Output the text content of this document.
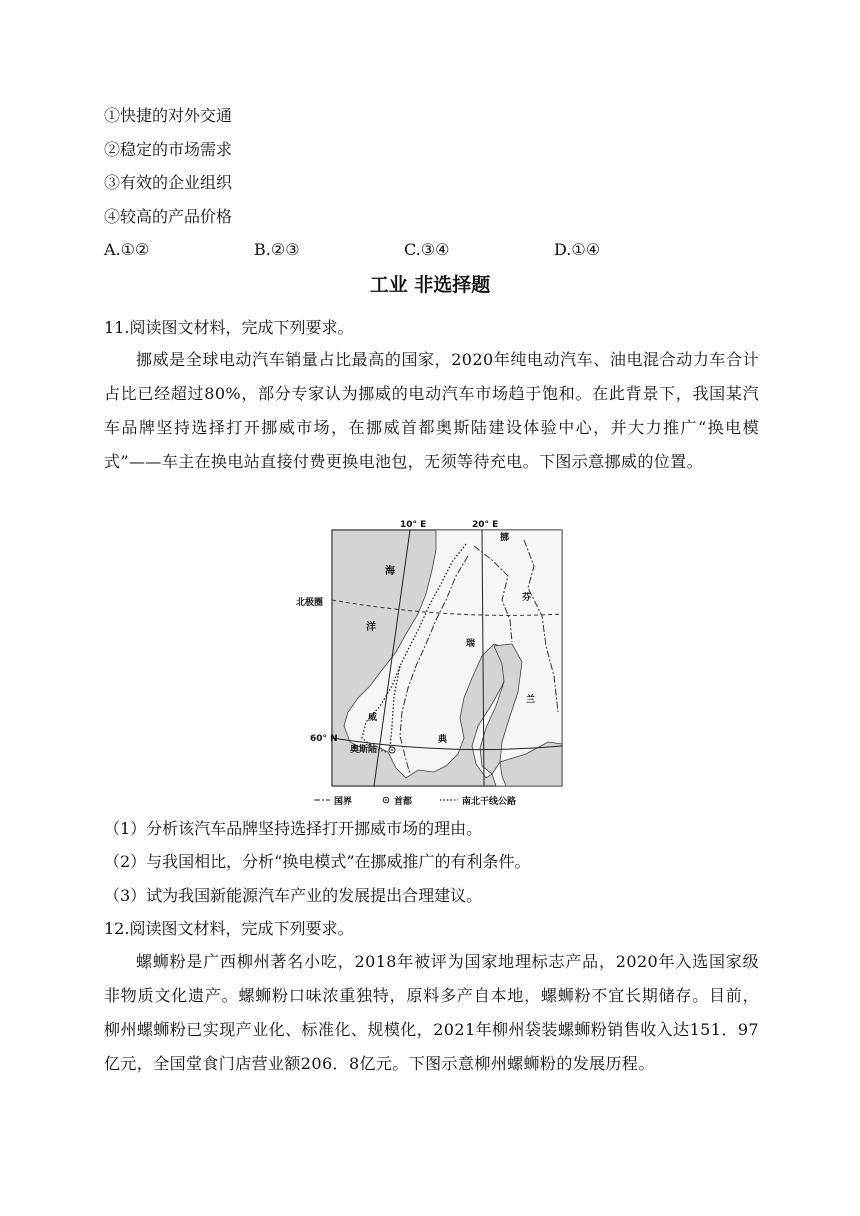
①快捷的对外交通
②稳定的市场需求
③有效的企业组织
④较高的产品价格
A.①②	B.②③	C.③④	D.①④
工业 非选择题
11.阅读图文材料，完成下列要求。
挪威是全球电动汽车销量占比最高的国家，2020年纯电动汽车、油电混合动力车合计占比已经超过80%，部分专家认为挪威的电动汽车市场趋于饱和。在此背景下，我国某汽车品牌坚持选择打开挪威市场，在挪威首都奥斯陆建设体验中心，并大力推广“换电模式”——车主在换电站直接付费更换电池包，无须等待充电。下图示意挪威的位置。
10° E	20° E
北极圈
60° N
海
洋
挪
威
瑞
典
芬
兰
奥斯陆
国界	首都	南北干线公路
（1）分析该汽车品牌坚持选择打开挪威市场的理由。
（2）与我国相比，分析“换电模式”在挪威推广的有利条件。
（3）试为我国新能源汽车产业的发展提出合理建议。
12.阅读图文材料，完成下列要求。
螺蛳粉是广西柳州著名小吃，2018年被评为国家地理标志产品，2020年入选国家级非物质文化遗产。螺蛳粉口味浓重独特，原料多产自本地，螺蛳粉不宜长期储存。目前，柳州螺蛳粉已实现产业化、标准化、规模化，2021年柳州袋装螺蛳粉销售收入达151．97亿元，全国堂食门店营业额206．8亿元。下图示意柳州螺蛳粉的发展历程。
